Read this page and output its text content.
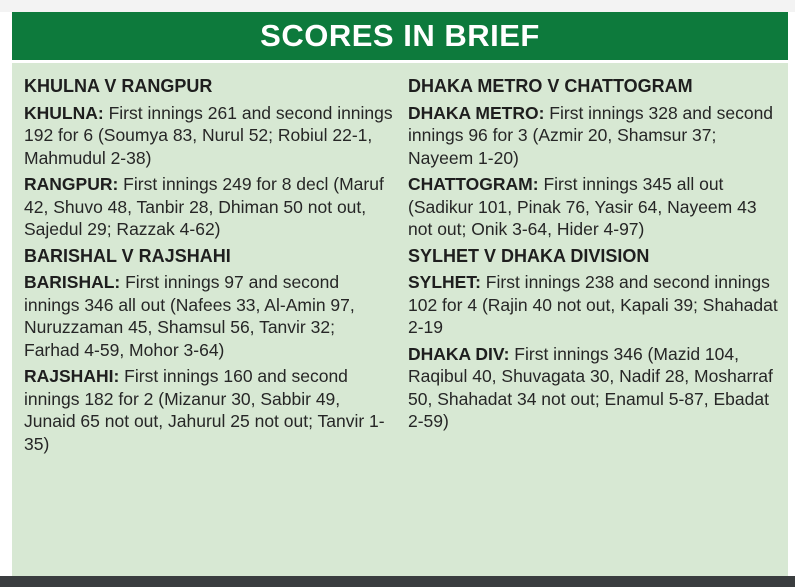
SCORES IN BRIEF
KHULNA V RANGPUR
KHULNA: First innings 261 and second innings 192 for 6 (Soumya 83, Nurul 52; Robiul 22-1, Mahmudul 2-38)
RANGPUR: First innings 249 for 8 decl (Maruf 42, Shuvo 48, Tanbir 28, Dhiman 50 not out, Sajedul 29; Razzak 4-62)
BARISHAL V RAJSHAHI
BARISHAL: First innings 97 and second innings 346 all out (Nafees 33, Al-Amin 97, Nuruzzaman 45, Shamsul 56, Tanvir 32; Farhad 4-59, Mohor 3-64)
RAJSHAHI: First innings 160 and second innings 182 for 2 (Mizanur 30, Sabbir 49, Junaid 65 not out, Jahurul 25 not out; Tanvir 1-35)
DHAKA METRO V CHATTOGRAM
DHAKA METRO: First innings 328 and second innings 96 for 3 (Azmir 20, Shamsur 37; Nayeem 1-20)
CHATTOGRAM: First innings 345 all out (Sadikur 101, Pinak 76, Yasir 64, Nayeem 43 not out; Onik 3-64, Hider 4-97)
SYLHET V DHAKA DIVISION
SYLHET: First innings 238 and second innings 102 for 4 (Rajin 40 not out, Kapali 39; Shahadat 2-19
DHAKA DIV: First innings 346 (Mazid 104, Raqibul 40, Shuvagata 30, Nadif 28, Mosharraf 50, Shahadat 34 not out; Enamul 5-87, Ebadat 2-59)
